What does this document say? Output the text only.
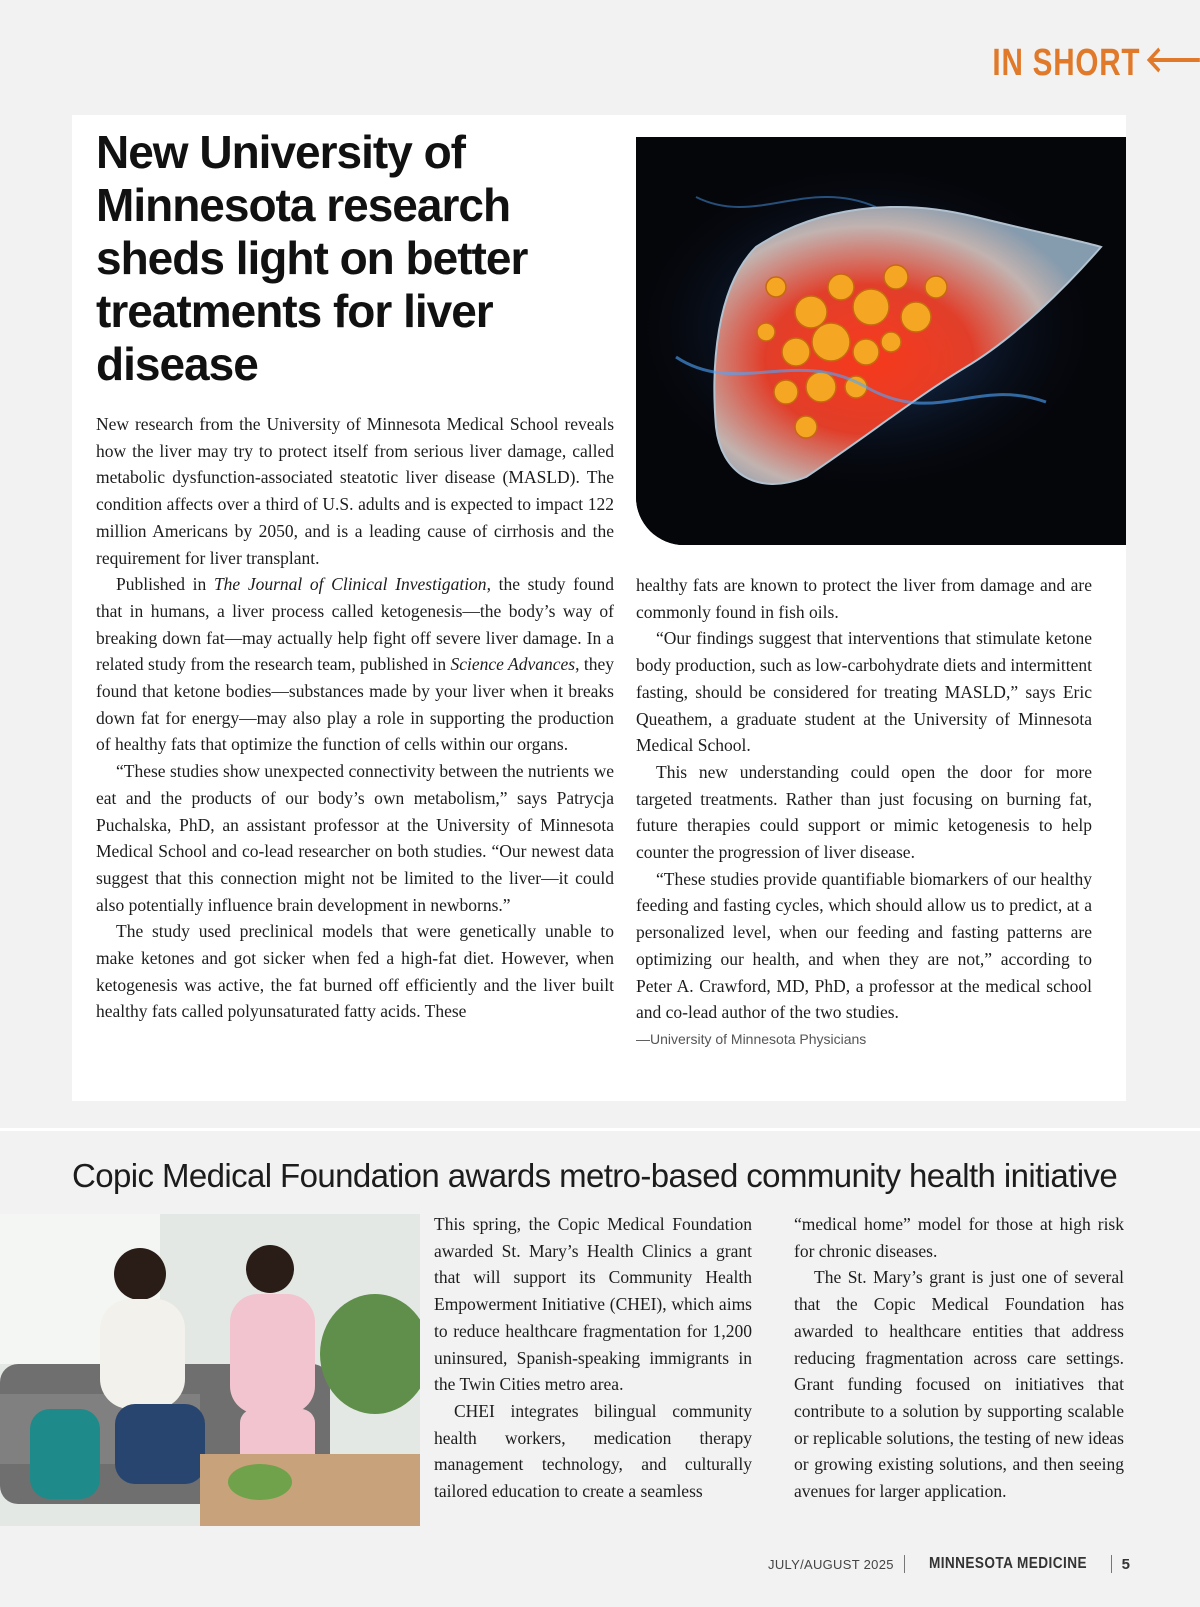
IN SHORT
New University of Minnesota research sheds light on better treatments for liver disease

New research from the University of Minnesota Medical School reveals how the liver may try to protect itself from serious liver damage, called metabolic dysfunction-associated steatotic liver disease (MASLD). The condition affects over a third of U.S. adults and is expected to impact 122 million Americans by 2050, and is a leading cause of cirrhosis and the requirement for liver transplant.

Published in The Journal of Clinical Investigation, the study found that in humans, a liver process called ketogenesis—the body’s way of breaking down fat—may actually help fight off severe liver damage. In a related study from the research team, published in Science Advances, they found that ketone bodies—substances made by your liver when it breaks down fat for energy—may also play a role in supporting the production of healthy fats that optimize the function of cells within our organs.

“These studies show unexpected connectivity between the nutrients we eat and the products of our body’s own metabolism,” says Patrycja Puchalska, PhD, an assistant professor at the University of Minnesota Medical School and co-lead researcher on both studies. “Our newest data suggest that this connection might not be limited to the liver—it could also potentially influence brain development in newborns.”

The study used preclinical models that were genetically unable to make ketones and got sicker when fed a high-fat diet. However, when ketogenesis was active, the fat burned off efficiently and the liver built healthy fats called polyunsaturated fatty acids. These

healthy fats are known to protect the liver from damage and are commonly found in fish oils.

“Our findings suggest that interventions that stimulate ketone body production, such as low-carbohydrate diets and intermittent fasting, should be considered for treating MASLD,” says Eric Queathem, a graduate student at the University of Minnesota Medical School.

This new understanding could open the door for more targeted treatments. Rather than just focusing on burning fat, future therapies could support or mimic ketogenesis to help counter the progression of liver disease.

“These studies provide quantifiable biomarkers of our healthy feeding and fasting cycles, which should allow us to predict, at a personalized level, when our feeding and fasting patterns are optimizing our health, and when they are not,” according to Peter A. Crawford, MD, PhD, a professor at the medical school and co-lead author of the two studies.

—University of Minnesota Physicians

Copic Medical Foundation awards metro-based community health initiative

This spring, the Copic Medical Foundation awarded St. Mary’s Health Clinics a grant that will support its Community Health Empowerment Initiative (CHEI), which aims to reduce healthcare fragmentation for 1,200 uninsured, Spanish-speaking immigrants in the Twin Cities metro area.

CHEI integrates bilingual community health workers, medication therapy management technology, and culturally tailored education to create a seamless

“medical home” model for those at high risk for chronic diseases.

The St. Mary’s grant is just one of several that the Copic Medical Foundation has awarded to healthcare entities that address reducing fragmentation across care settings. Grant funding focused on initiatives that contribute to a solution by supporting scalable or replicable solutions, the testing of new ideas or growing existing solutions, and then seeing avenues for larger application.

JULY/AUGUST 2025 MINNESOTA MEDICINE 5
